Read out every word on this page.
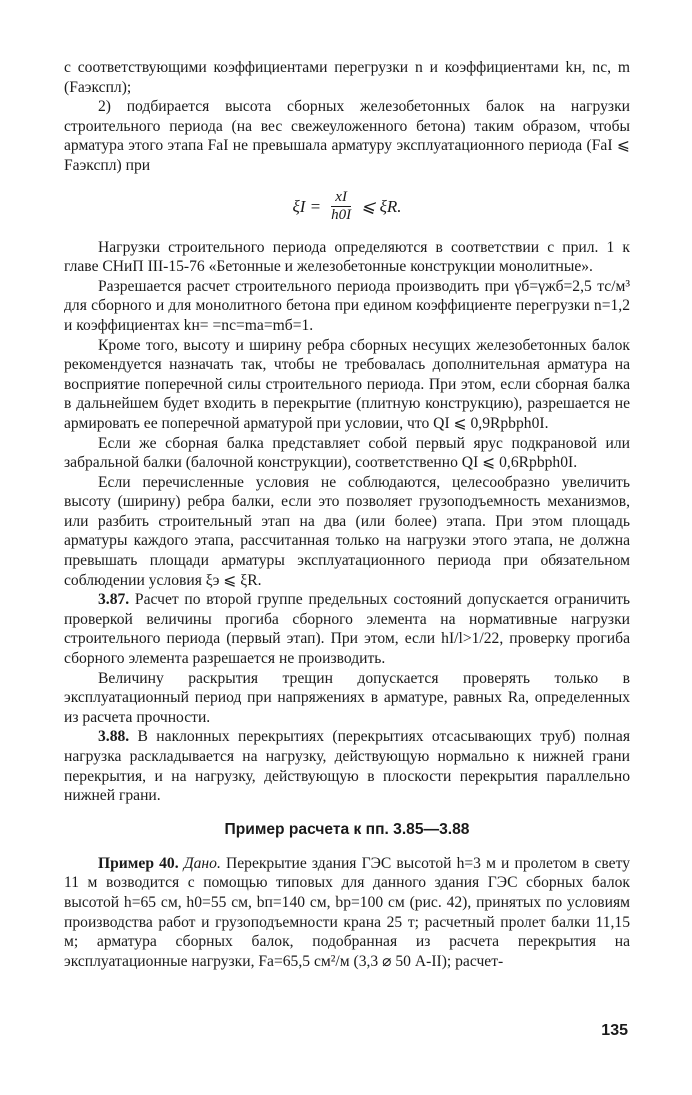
с соответствующими коэффициентами перегрузки n и коэффициентами kн, nс, m (Fаэкспл);

2) подбирается высота сборных железобетонных балок на нагрузки строительного периода (на вес свежеуложенного бетона) таким образом, чтобы арматура этого этапа FaI не превышала арматуру эксплуатационного периода (FaI ⩽ Fаэкспл) при

$\xi I = \frac{xI}{h0I}$ ⩽ ξR.

Нагрузки строительного периода определяются в соответствии с прил. 1 к главе СНиП III-15-76 «Бетонные и железобетонные конструкции монолитные».

Разрешается расчет строительного периода производить при γб=γжб=2,5 тс/м³ для сборного и для монолитного бетона при едином коэффициенте перегрузки n=1,2 и коэффициентах kн= =nс=mа=mб=1.

Кроме того, высоту и ширину ребра сборных несущих железобетонных балок рекомендуется назначать так, чтобы не требовалась дополнительная арматура на восприятие поперечной силы строительного периода. При этом, если сборная балка в дальнейшем будет входить в перекрытие (плитную конструкцию), разрешается не армировать ее поперечной арматурой при условии, что QI ⩽ 0,9Rрbрh0I.

Если же сборная балка представляет собой первый ярус подкрановой или забральной балки (балочной конструкции), соответственно QI ⩽ 0,6Rрbрh0I.

Если перечисленные условия не соблюдаются, целесообразно увеличить высоту (ширину) ребра балки, если это позволяет грузоподъемность механизмов, или разбить строительный этап на два (или более) этапа. При этом площадь арматуры каждого этапа, рассчитанная только на нагрузки этого этапа, не должна превышать площади арматуры эксплуатационного периода при обязательном соблюдении условия ξэ ⩽ ξR.

3.87. Расчет по второй группе предельных состояний допускается ограничить проверкой величины прогиба сборного элемента на нормативные нагрузки строительного периода (первый этап). При этом, если hI/l>1/22, проверку прогиба сборного элемента разрешается не производить.

Величину раскрытия трещин допускается проверять только в эксплуатационный период при напряжениях в арматуре, равных Rа, определенных из расчета прочности.

3.88. В наклонных перекрытиях (перекрытиях отсасывающих труб) полная нагрузка раскладывается на нагрузку, действующую нормально к нижней грани перекрытия, и на нагрузку, действующую в плоскости перекрытия параллельно нижней грани.

Пример расчета к пп. 3.85—3.88

Пример 40. Дано. Перекрытие здания ГЭС высотой h=3 м и пролетом в свету 11 м возводится с помощью типовых для данного здания ГЭС сборных балок высотой h=65 см, h0=55 см, bп=140 см, bр=100 см (рис. 42), принятых по условиям производства работ и грузоподъемности крана 25 т; расчетный пролет балки 11,15 м; арматура сборных балок, подобранная из расчета перекрытия на эксплуатационные нагрузки, Fа=65,5 см²/м (3,3 ⌀ 50 А-II); расчет-

135
